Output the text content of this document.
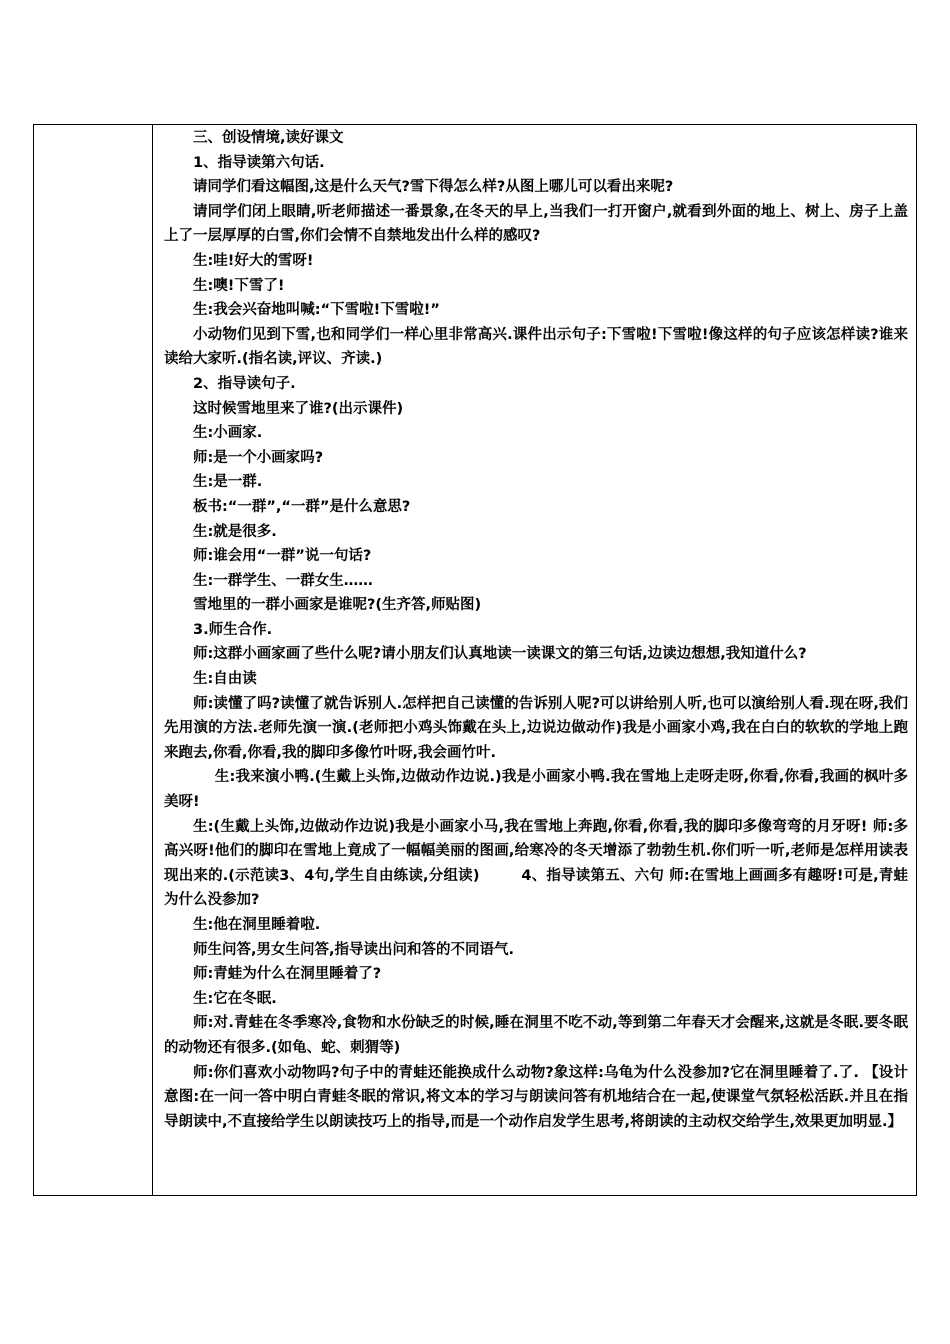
三、创设情境,读好课文

1、指导读第六句话.

请同学们看这幅图,这是什么天气?雪下得怎么样?从图上哪儿可以看出来呢?

请同学们闭上眼睛,听老师描述一番景象,在冬天的早上,当我们一打开窗户,就看到外面的地上、树上、房子上盖上了一层厚厚的白雪,你们会情不自禁地发出什么样的感叹?

生:哇!好大的雪呀!

生:噢!下雪了!

生:我会兴奋地叫喊:“下雪啦!下雪啦!”

小动物们见到下雪,也和同学们一样心里非常高兴.课件出示句子:下雪啦!下雪啦!像这样的句子应该怎样读?谁来读给大家听.(指名读,评议、齐读.)

2、指导读句子.

这时候雪地里来了谁?(出示课件)

生:小画家.

师:是一个小画家吗?

生:是一群.

板书:“一群”,“一群”是什么意思?

生:就是很多.

师:谁会用“一群”说一句话?

生:一群学生、一群女生……

雪地里的一群小画家是谁呢?(生齐答,师贴图)

3.师生合作.

师:这群小画家画了些什么呢?请小朋友们认真地读一读课文的第三句话,边读边想想,我知道什么?

生:自由读

师:读懂了吗?读懂了就告诉别人.怎样把自己读懂的告诉别人呢?可以讲给别人听,也可以演给别人看.现在呀,我们先用演的方法.老师先演一演.(老师把小鸡头饰戴在头上,边说边做动作)我是小画家小鸡,我在白白的软软的学地上跑来跑去,你看,你看,我的脚印多像竹叶呀,我会画竹叶.

生:我来演小鸭.(生戴上头饰,边做动作边说.)我是小画家小鸭.我在雪地上走呀走呀,你看,你看,我画的枫叶多美呀!

生:(生戴上头饰,边做动作边说)我是小画家小马,我在雪地上奔跑,你看,你看,我的脚印多像弯弯的月牙呀! 师:多高兴呀!他们的脚印在雪地上竟成了一幅幅美丽的图画,给寒冷的冬天增添了勃勃生机.你们听一听,老师是怎样用读表现出来的.(示范读3、4句,学生自由练读,分组读)        4、指导读第五、六句 师:在雪地上画画多有趣呀!可是,青蛙为什么没参加?

生:他在洞里睡着啦.

师生问答,男女生问答,指导读出问和答的不同语气.

师:青蛙为什么在洞里睡着了?

生:它在冬眠.

师:对.青蛙在冬季寒冷,食物和水份缺乏的时候,睡在洞里不吃不动,等到第二年春天才会醒来,这就是冬眠.要冬眠的动物还有很多.(如龟、蛇、刺猬等)

师:你们喜欢小动物吗?句子中的青蛙还能换成什么动物?象这样:乌龟为什么没参加?它在洞里睡着了.了. 【设计意图:在一问一答中明白青蛙冬眠的常识,将文本的学习与朗读问答有机地结合在一起,使课堂气氛轻松活跃.并且在指导朗读中,不直接给学生以朗读技巧上的指导,而是一个动作启发学生思考,将朗读的主动权交给学生,效果更加明显.】
